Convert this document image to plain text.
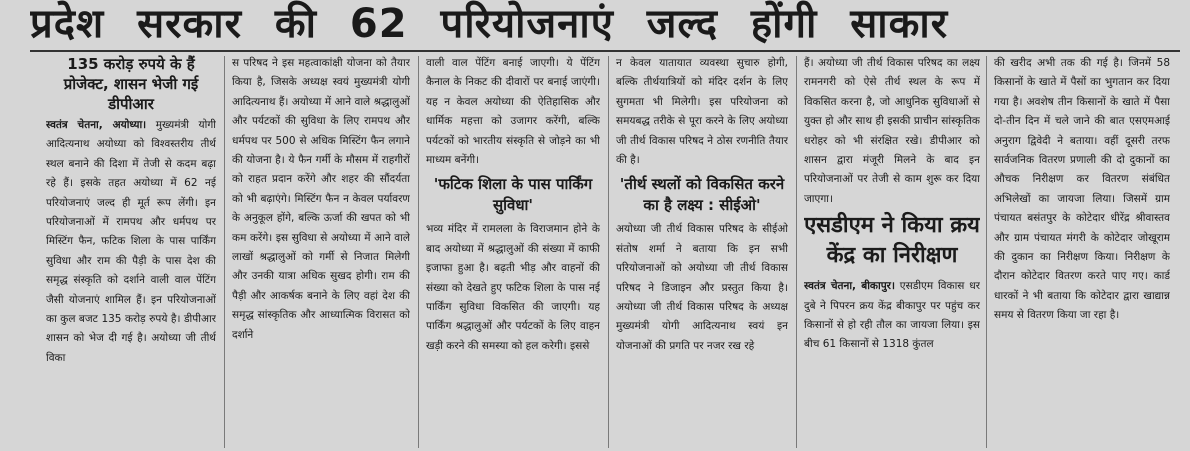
प्रदेश सरकार की 62 परियोजनाएं जल्द होंगी साकार
135 करोड़ रुपये के हैं प्रोजेक्ट, शासन भेजी गई डीपीआर

स्वतंत्र चेतना, अयोध्या। मुख्यमंत्री योगी आदित्यनाथ अयोध्या को विश्वस्तरीय तीर्थ स्थल बनाने की दिशा में तेजी से कदम बढ़ा रहे हैं। इसके तहत अयोध्या में 62 नई परियोजनाएं जल्द ही मूर्त रूप लेंगी। इन परियोजनाओं में रामपथ और धर्मपथ पर मिस्टिंग फैन, फटिक शिला के पास पार्किंग सुविधा और राम की पैड़ी के पास देश की समृद्ध संस्कृति को दर्शाने वाली वाल पेंटिंग जैसी योजनाएं शामिल हैं। इन परियोजनाओं का कुल बजट 135 करोड़ रुपये है। डीपीआर शासन को भेज दी गई है। अयोध्या जी तीर्थ विका

स परिषद ने इस महत्वाकांक्षी योजना को तैयार किया है, जिसके अध्यक्ष स्वयं मुख्यमंत्री योगी आदित्यनाथ हैं। अयोध्या में आने वाले श्रद्धालुओं और पर्यटकों की सुविधा के लिए रामपथ और धर्मपथ पर 500 से अधिक मिस्टिंग फैन लगाने की योजना है। ये फैन गर्मी के मौसम में राहगीरों को राहत प्रदान करेंगे और शहर की सौंदर्यता को भी बढ़ाएंगे। मिस्टिंग फैन न केवल पर्यावरण के अनुकूल होंगे, बल्कि ऊर्जा की खपत को भी कम करेंगे। इस सुविधा से अयोध्या में आने वाले लाखों श्रद्धालुओं को गर्मी से निजात मिलेगी और उनकी यात्रा अधिक सुखद होगी। राम की पैड़ी और आकर्षक बनाने के लिए वहां देश की समृद्ध सांस्कृतिक और आध्यात्मिक विरासत को दर्शाने

वाली वाल पेंटिंग बनाई जाएगी। ये पेंटिंग कैनाल के निकट की दीवारों पर बनाई जाएंगी। यह न केवल अयोध्या की ऐतिहासिक और धार्मिक महत्ता को उजागर करेंगी, बल्कि पर्यटकों को भारतीय संस्कृति से जोड़ने का भी माध्यम बनेंगी।

'फटिक शिला के पास पार्किंग सुविधा'

भव्य मंदिर में रामलला के विराजमान होने के बाद अयोध्या में श्रद्धालुओं की संख्या में काफी इजाफा हुआ है। बढ़ती भीड़ और वाहनों की संख्या को देखते हुए फटिक शिला के पास नई पार्किंग सुविधा विकसित की जाएगी। यह पार्किंग श्रद्धालुओं और पर्यटकों के लिए वाहन खड़ी करने की समस्या को हल करेगी। इससे

न केवल यातायात व्यवस्था सुचारु होगी, बल्कि तीर्थयात्रियों को मंदिर दर्शन के लिए सुगमता भी मिलेगी। इस परियोजना को समयबद्ध तरीके से पूरा करने के लिए अयोध्या जी तीर्थ विकास परिषद ने ठोस रणनीति तैयार की है।

'तीर्थ स्थलों को विकसित करने का है लक्ष्य : सीईओ'

अयोध्या जी तीर्थ विकास परिषद के सीईओ संतोष शर्मा ने बताया कि इन सभी परियोजनाओं को अयोध्या जी तीर्थ विकास परिषद ने डिजाइन और प्रस्तुत किया है। अयोध्या जी तीर्थ विकास परिषद के अध्यक्ष मुख्यमंत्री योगी आदित्यनाथ स्वयं इन योजनाओं की प्रगति पर नजर रख रहे

हैं। अयोध्या जी तीर्थ विकास परिषद का लक्ष्य रामनगरी को ऐसे तीर्थ स्थल के रूप में विकसित करना है, जो आधुनिक सुविधाओं से युक्त हो और साथ ही इसकी प्राचीन सांस्कृतिक धरोहर को भी संरक्षित रखे। डीपीआर को शासन द्वारा मंजूरी मिलने के बाद इन परियोजनाओं पर तेजी से काम शुरू कर दिया जाएगा।

एसडीएम ने किया क्रय केंद्र का निरीक्षण

स्वतंत्र चेतना, बीकापुर। एसडीएम विकास धर दुबे ने पिपरन क्रय केंद्र बीकापुर पर पहुंच कर किसानों से हो रही तौल का जायजा लिया। इस बीच 61 किसानों से 1318 कुंतल

की खरीद अभी तक की गई है। जिनमें 58 किसानों के खाते में पैसों का भुगतान कर दिया गया है। अवशेष तीन किसानों के खाते में पैसा दो-तीन दिन में चले जाने की बात एसएमआई अनुराग द्विवेदी ने बताया। वहीं दूसरी तरफ सार्वजनिक वितरण प्रणाली की दो दुकानों का औचक निरीक्षण कर वितरण संबंधित अभिलेखों का जायजा लिया। जिसमें ग्राम पंचायत बसंतपुर के कोटेदार धीरेंद्र श्रीवास्तव और ग्राम पंचायत मंगरी के कोटेदार जोखूराम की दुकान का निरीक्षण किया। निरीक्षण के दौरान कोटेदार वितरण करते पाए गए। कार्ड धारकों ने भी बताया कि कोटेदार द्वारा खाद्यान्न समय से वितरण किया जा रहा है।
